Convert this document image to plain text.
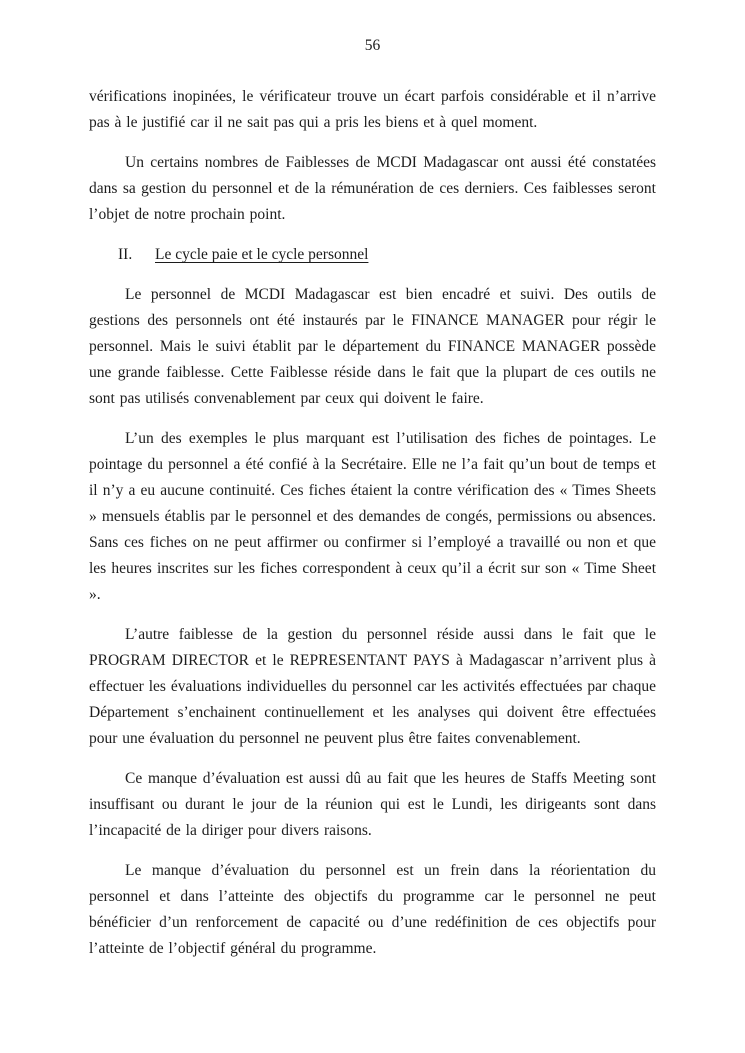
56

vérifications inopinées, le vérificateur trouve un écart parfois considérable et il n’arrive pas à le justifié car il ne sait pas qui a pris les biens et à quel moment.

Un certains nombres de Faiblesses de MCDI Madagascar ont aussi été constatées dans sa gestion du personnel et de la rémunération de ces derniers. Ces faiblesses seront l’objet de notre prochain point.

II. Le cycle paie et le cycle personnel

Le personnel de MCDI Madagascar est bien encadré et suivi. Des outils de gestions des personnels ont été instaurés par le FINANCE MANAGER pour régir le personnel. Mais le suivi établit par le département du FINANCE MANAGER possède une grande faiblesse. Cette Faiblesse réside dans le fait que la plupart de ces outils ne sont pas utilisés convenablement par ceux qui doivent le faire.

L’un des exemples le plus marquant est l’utilisation des fiches de pointages. Le pointage du personnel a été confié à la Secrétaire. Elle ne l’a fait qu’un bout de temps et il n’y a eu aucune continuité. Ces fiches étaient la contre vérification des « Times Sheets » mensuels établis par le personnel et des demandes de congés, permissions ou absences. Sans ces fiches on ne peut affirmer ou confirmer si l’employé a travaillé ou non et que les heures inscrites sur les fiches correspondent à ceux qu’il a écrit sur son « Time Sheet ».

L’autre faiblesse de la gestion du personnel réside aussi dans le fait que le PROGRAM DIRECTOR et le REPRESENTANT PAYS à Madagascar n’arrivent plus à effectuer les évaluations individuelles du personnel car les activités effectuées par chaque Département s’enchainent continuellement et les analyses qui doivent être effectuées pour une évaluation du personnel ne peuvent plus être faites convenablement.

Ce manque d’évaluation est aussi dû au fait que les heures de Staffs Meeting sont insuffisant ou durant le jour de la réunion qui est le Lundi, les dirigeants sont dans l’incapacité de la diriger pour divers raisons.

Le manque d’évaluation du personnel est un frein dans la réorientation du personnel et dans l’atteinte des objectifs du programme car le personnel ne peut bénéficier d’un renforcement de capacité ou d’une redéfinition de ces objectifs pour l’atteinte de l’objectif général du programme.
